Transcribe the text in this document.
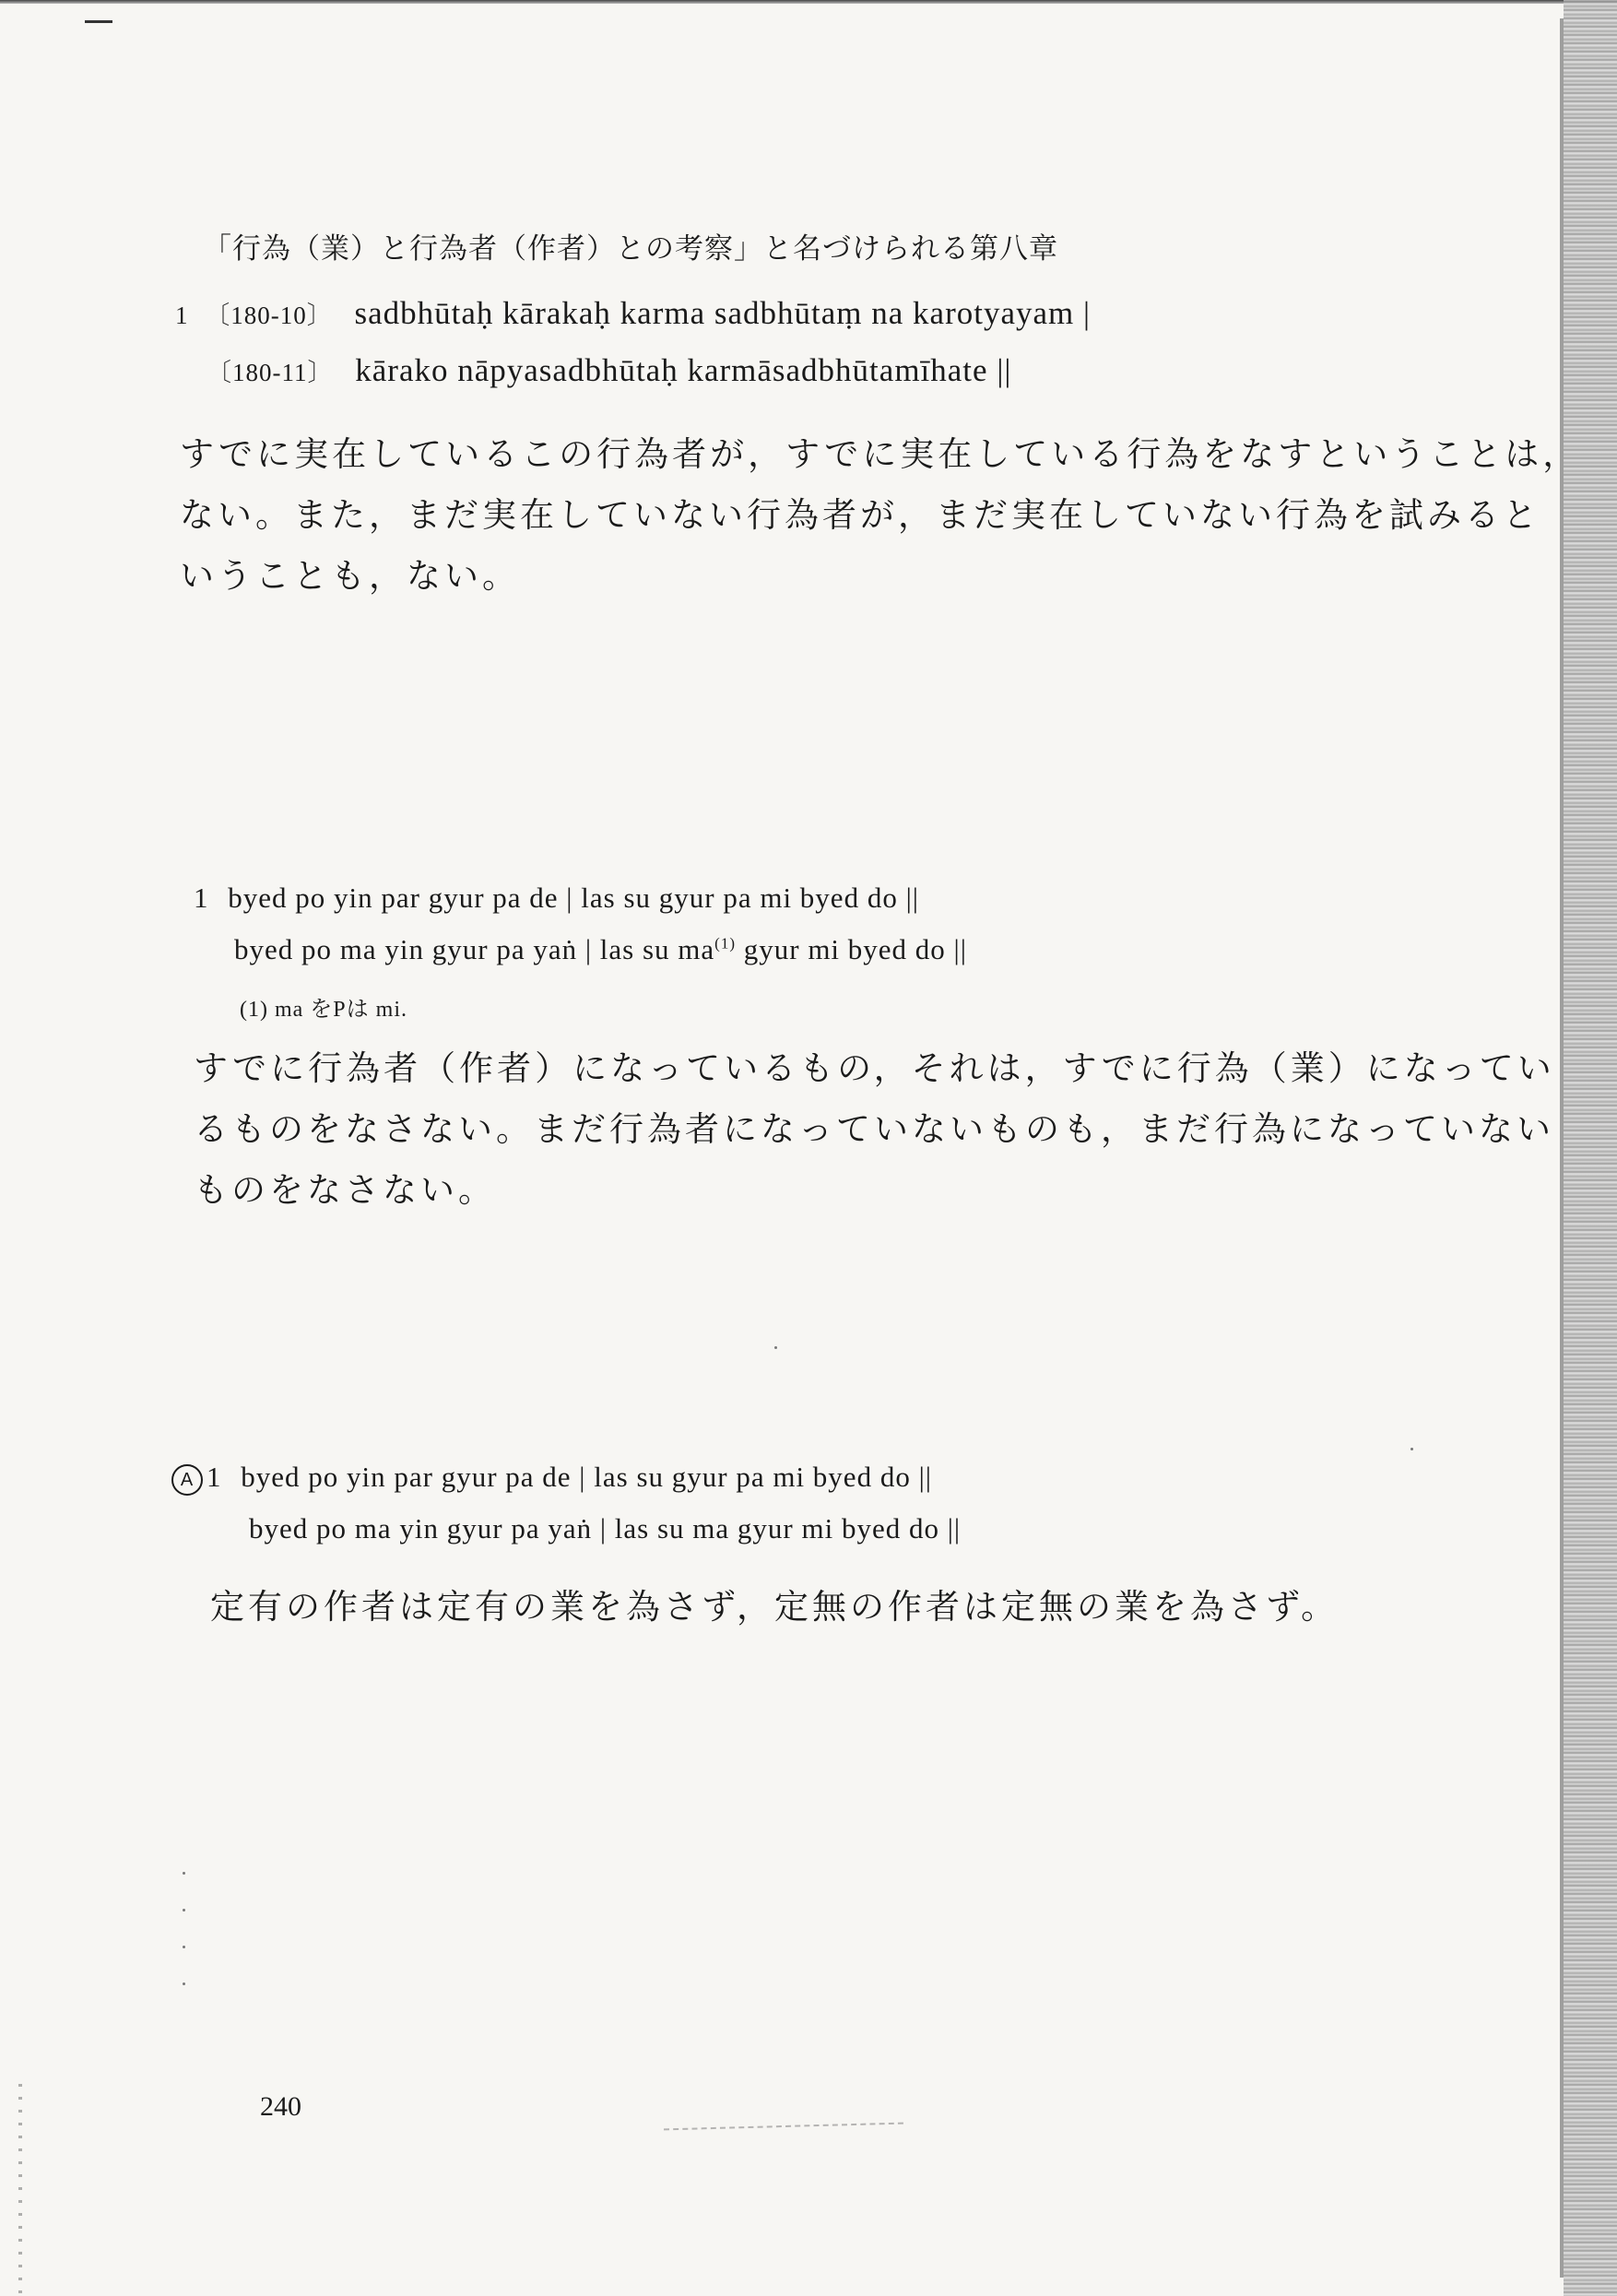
「行為（業）と行為者（作者）との考察」と名づけられる第八章
1 〔180-10〕 sadbhūtaḥ kārakaḥ karma sadbhūtaṃ na karotyayam |
〔180-11〕 kārako nāpyasadbhūtaḥ karmāsadbhūtamīhate ||
すでに実在しているこの行為者が，すでに実在している行為をなすということは，
ない。また，まだ実在していない行為者が，まだ実在していない行為を試みると
いうことも，ない。
1 byed po yin par gyur pa de | las su gyur pa mi byed do ||
byed po ma yin gyur pa yaṅ | las su $ma^{(1)}$ gyur mi byed do ||
(1) ma をPは mi.
すでに行為者（作者）になっているもの，それは，すでに行為（業）になってい
るものをなさない。まだ行為者になっていないものも，まだ行為になっていない
ものをなさない。
A 1 byed po yin par gyur pa de | las su gyur pa mi byed do ||
byed po ma yin gyur pa yaṅ | las su ma gyur mi byed do ||
定有の作者は定有の業を為さず，定無の作者は定無の業を為さず。
240
